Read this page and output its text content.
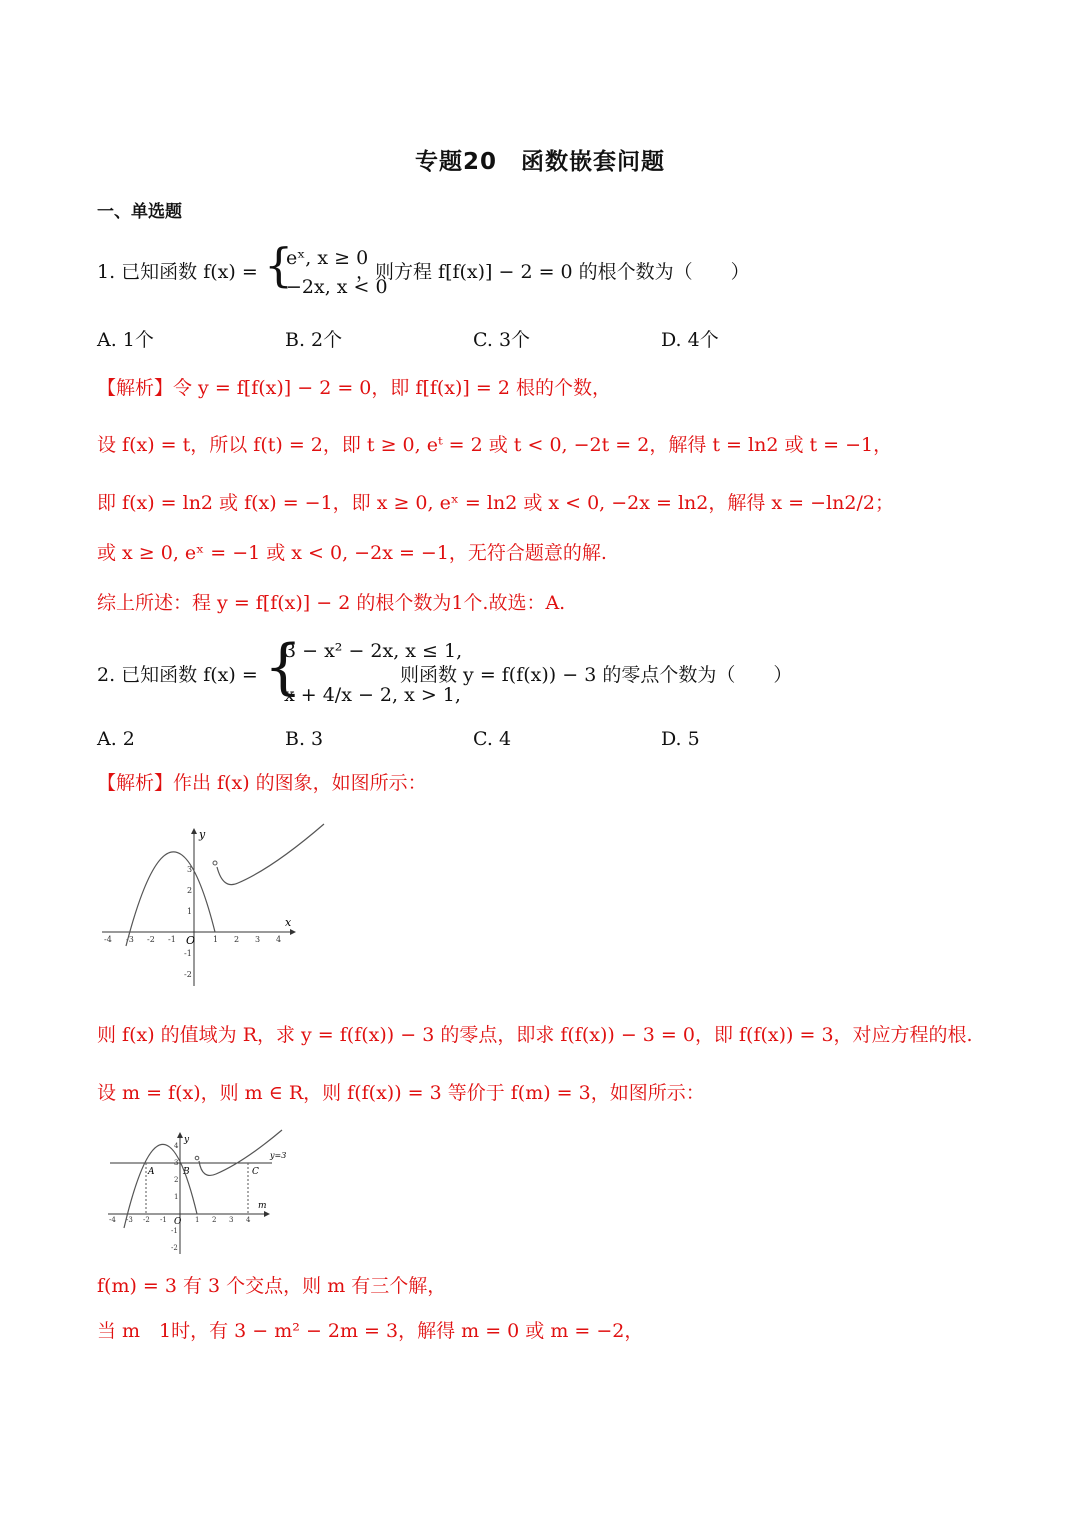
专题20　函数嵌套问题
一、单选题
1. 已知函数 f(x) = {
eˣ, x ≥ 0
−2x, x < 0
，则方程 f[f(x)] − 2 = 0 的根个数为（　　）
A. 1个	B. 2个	C. 3个	D. 4个
【解析】令 y = f[f(x)] − 2 = 0，即 f[f(x)] = 2 根的个数，
设 f(x) = t，所以 f(t) = 2，即 t ≥ 0, eᵗ = 2 或 t < 0, −2t = 2，解得 t = ln2 或 t = −1，
即 f(x) = ln2 或 f(x) = −1，即 x ≥ 0, eˣ = ln2 或 x < 0, −2x = ln2，解得 x = −ln2/2；
或 x ≥ 0, eˣ = −1 或 x < 0, −2x = −1，无符合题意的解.
综上所述：程 y = f[f(x)] − 2 的根个数为1个.故选：A.
2. 已知函数 f(x) = {
3 − x² − 2x, x ≤ 1,
x + 4/x − 2, x > 1,
则函数 y = f(f(x)) − 3 的零点个数为（　　）
A. 2	B. 3	C. 4	D. 5
【解析】作出 f(x) 的图象，如图所示：
x
y
O
-4 -3 -2 -1	1 2 3 4
3
2
1
-1
-2
则 f(x) 的值域为 R，求 y = f(f(x)) − 3 的零点，即求 f(f(x)) − 3 = 0，即 f(f(x)) = 3，对应方程的根.
设 m = f(x)，则 m ∈ R，则 f(f(x)) = 3 等价于 f(m) = 3，如图所示：
y=3
m
y
O
A	B	C
-4 -3 -2 -1	1 2 3 4
4
3
2
1
-1
-2
f(m) = 3 有 3 个交点，则 m 有三个解，
当 m　1时，有 3 − m² − 2m = 3，解得 m = 0 或 m = −2，
